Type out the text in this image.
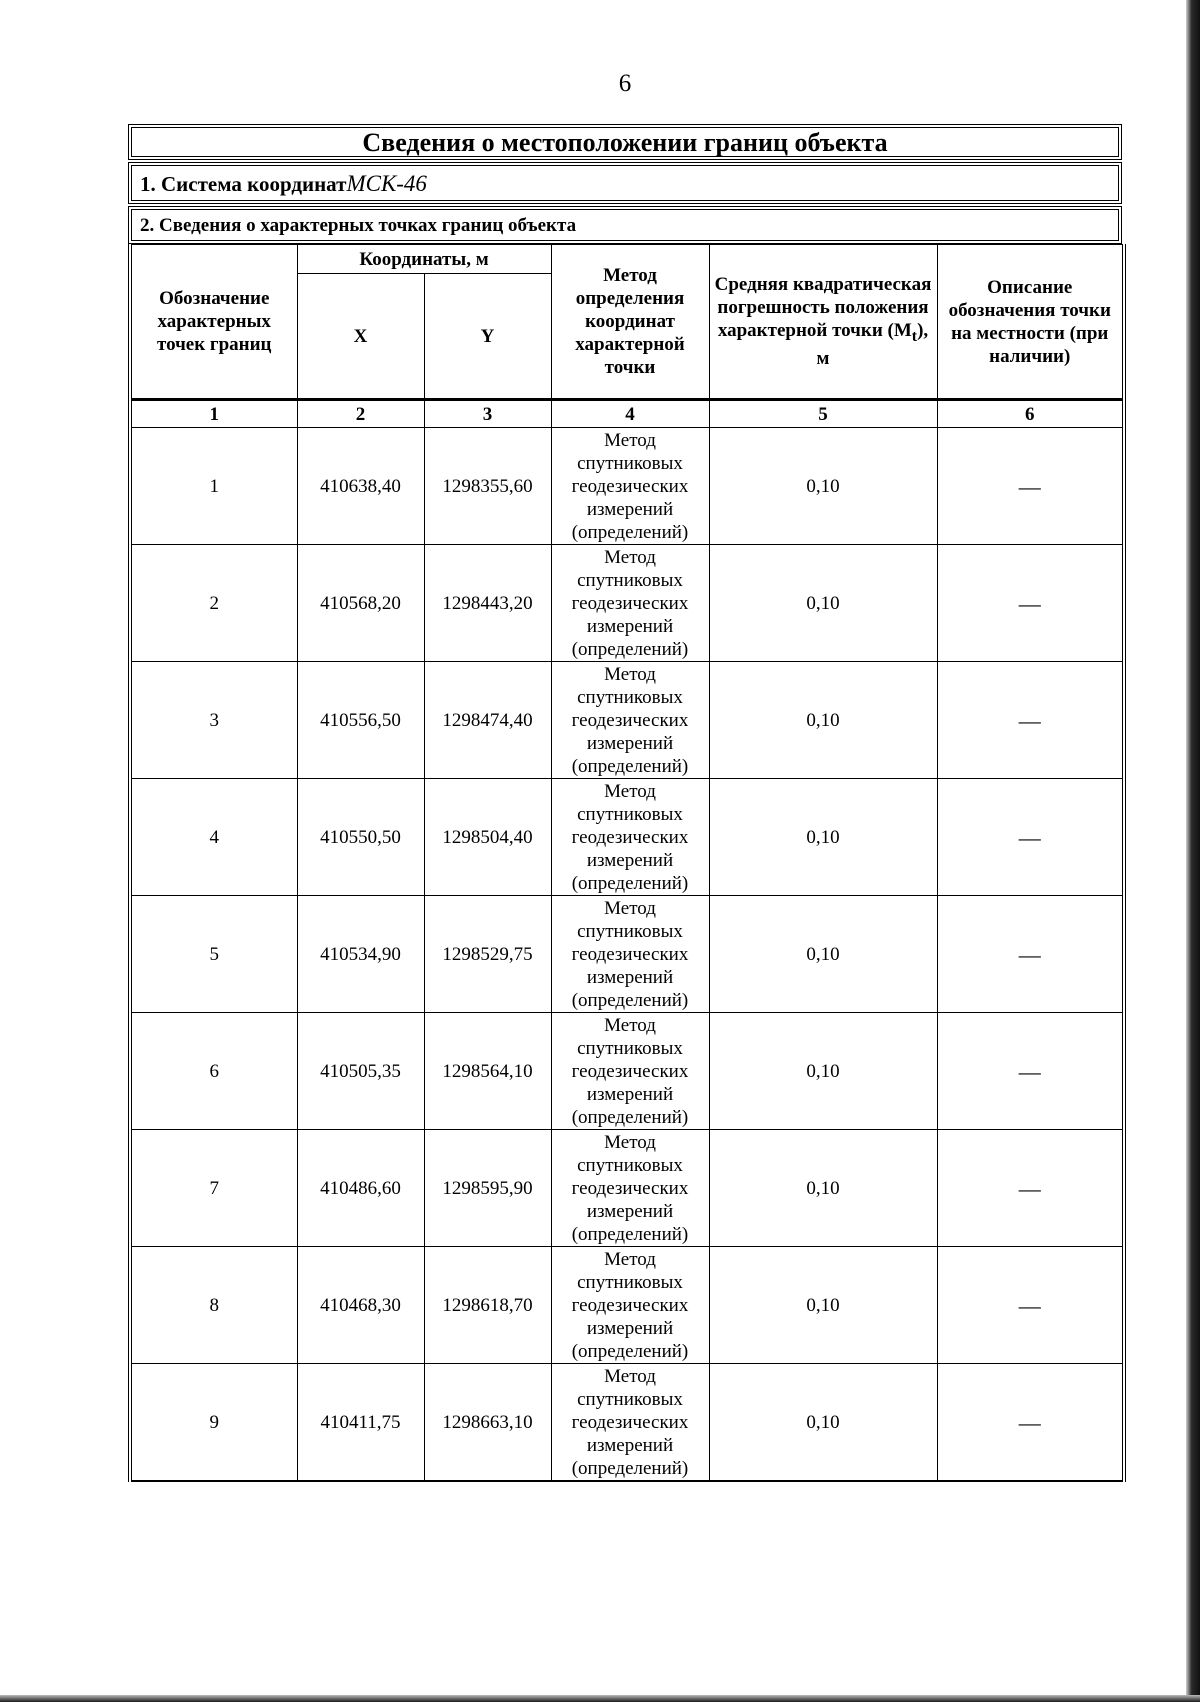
6
Сведения о местоположении границ объекта
1. Система координатМСК-46
2. Сведения о характерных точках границ объекта
Обозначение характерных точек границ	Координаты, м		Метод определения координат характерной точки	Средняя квадратическая погрешность положения характерной точки $(M_t)$, м	Описание обозначения точки на местности (при наличии)
	X	Y			
1	2	3	4	5	6
1	410638,40	1298355,60	Метод спутниковых геодезических измерений (определений)	0,10	—
2	410568,20	1298443,20	Метод спутниковых геодезических измерений (определений)	0,10	—
3	410556,50	1298474,40	Метод спутниковых геодезических измерений (определений)	0,10	—
4	410550,50	1298504,40	Метод спутниковых геодезических измерений (определений)	0,10	—
5	410534,90	1298529,75	Метод спутниковых геодезических измерений (определений)	0,10	—
6	410505,35	1298564,10	Метод спутниковых геодезических измерений (определений)	0,10	—
7	410486,60	1298595,90	Метод спутниковых геодезических измерений (определений)	0,10	—
8	410468,30	1298618,70	Метод спутниковых геодезических измерений (определений)	0,10	—
9	410411,75	1298663,10	Метод спутниковых геодезических измерений (определений)	0,10	—
